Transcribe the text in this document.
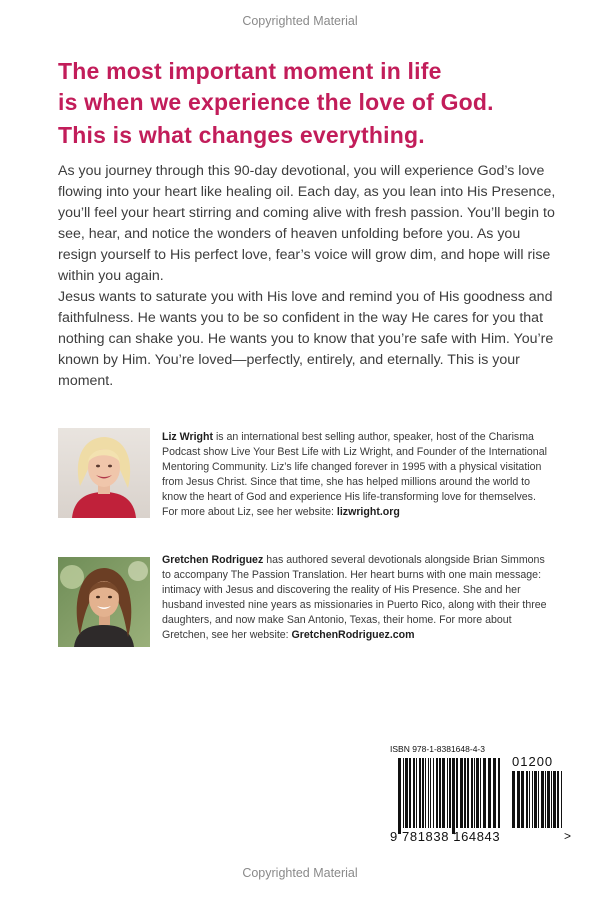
Copyrighted Material
The most important moment in life
is when we experience the love of God.
This is what changes everything.

As you journey through this 90-day devotional, you will experience God’s love flowing into your heart like healing oil. Each day, as you lean into His Presence, you’ll feel your heart stirring and coming alive with fresh passion. You’ll begin to see, hear, and notice the wonders of heaven unfolding before you. As you resign yourself to His perfect love, fear’s voice will grow dim, and hope will rise within you again.

Jesus wants to saturate you with His love and remind you of His goodness and faithfulness. He wants you to be so confident in the way He cares for you that nothing can shake you. He wants you to know that you’re safe with Him. You’re known by Him. You’re loved—perfectly, entirely, and eternally. This is your moment.

Liz Wright is an international best selling author, speaker, host of the Charisma Podcast show Live Your Best Life with Liz Wright, and Founder of the International Mentoring Community. Liz’s life changed forever in 1995 with a physical visitation from Jesus Christ. Since that time, she has helped millions around the world to know the heart of God and experience His life-transforming love for themselves. For more about Liz, see her website: lizwright.org

Gretchen Rodriguez has authored several devotionals alongside Brian Simmons to accompany The Passion Translation. Her heart burns with one main message: intimacy with Jesus and discovering the reality of His Presence. She and her husband invested nine years as missionaries in Puerto Rico, along with their three daughters, and now make San Antonio, Texas, their home. For more about Gretchen, see her website: GretchenRodriguez.com

ISBN 978-1-8381648-4-3
01200
9 781838 164843	>
Copyrighted Material
